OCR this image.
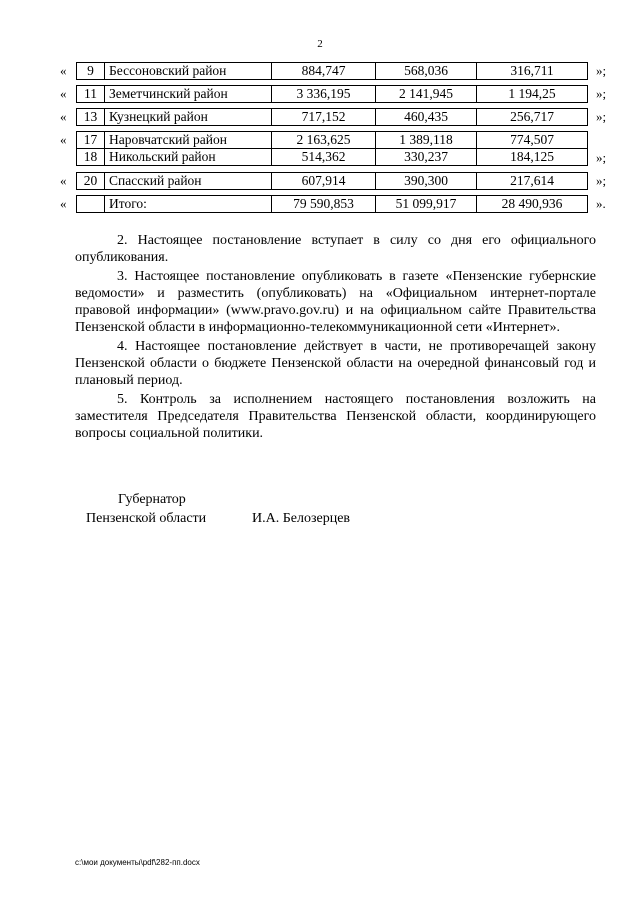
2
«	»;
9	Бессоновский район	884,747	568,036	316,711
«	»;
11	Земетчинский район	3 336,195	2 141,945	1 194,25
«	»;
13	Кузнецкий район	717,152	460,435	256,717
«
»;
17	Наровчатский район	2 163,625	1 389,118	774,507
18	Никольский район	514,362	330,237	184,125
«	»;
20	Спасский район	607,914	390,300	217,614
«	».
	Итого:	79 590,853	51 099,917	28 490,936

2. Настоящее постановление вступает в силу со дня его официального опубликования.

3. Настоящее постановление опубликовать в газете «Пензенские губернские ведомости» и разместить (опубликовать) на «Официальном интернет-портале правовой информации» (www.pravo.gov.ru) и на официальном сайте Правительства Пензенской области в информационно-телекоммуникационной сети «Интернет».

4. Настоящее постановление действует в части, не противоречащей закону Пензенской области о бюджете Пензенской области на очередной финансовый год и плановый период.

5. Контроль за исполнением настоящего постановления возложить на заместителя Председателя Правительства Пензенской области, координирующего вопросы социальной политики.

Губернатор
Пензенской области	И.А. Белозерцев
c:\мои документы\pdf\282-пп.docx
